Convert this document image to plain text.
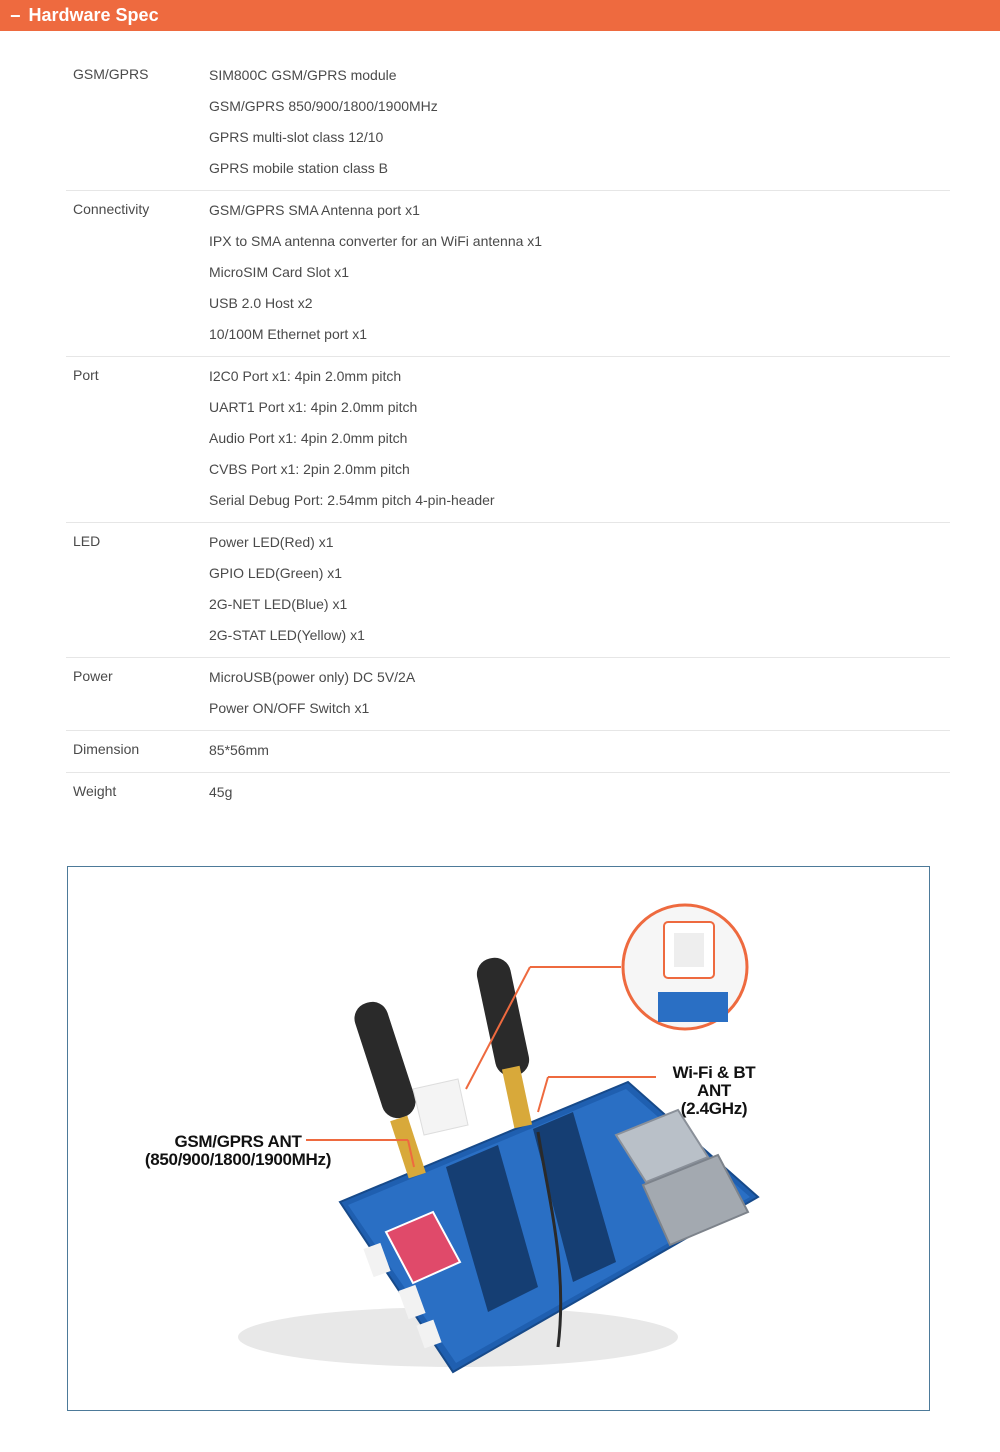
− Hardware Spec
GSM/GPRS	SIM800C GSM/GPRS module
GSM/GPRS 850/900/1800/1900MHz
GPRS multi-slot class 12/10
GPRS mobile station class B

Connectivity	GSM/GPRS SMA Antenna port x1
IPX to SMA antenna converter for an WiFi antenna x1
MicroSIM Card Slot x1
USB 2.0 Host x2
10/100M Ethernet port x1

Port	I2C0 Port x1: 4pin 2.0mm pitch
UART1 Port x1: 4pin 2.0mm pitch
Audio Port x1: 4pin 2.0mm pitch
CVBS Port x1: 2pin 2.0mm pitch
Serial Debug Port: 2.54mm pitch 4-pin-header

LED	Power LED(Red) x1
GPIO LED(Green) x1
2G-NET LED(Blue) x1
2G-STAT LED(Yellow) x1

Power	MicroUSB(power only) DC 5V/2A
Power ON/OFF Switch x1

Dimension	85*56mm

Weight	45g
GSM/GPRS ANT
(850/900/1800/1900MHz)
Wi-Fi & BT ANT
(2.4GHz)
